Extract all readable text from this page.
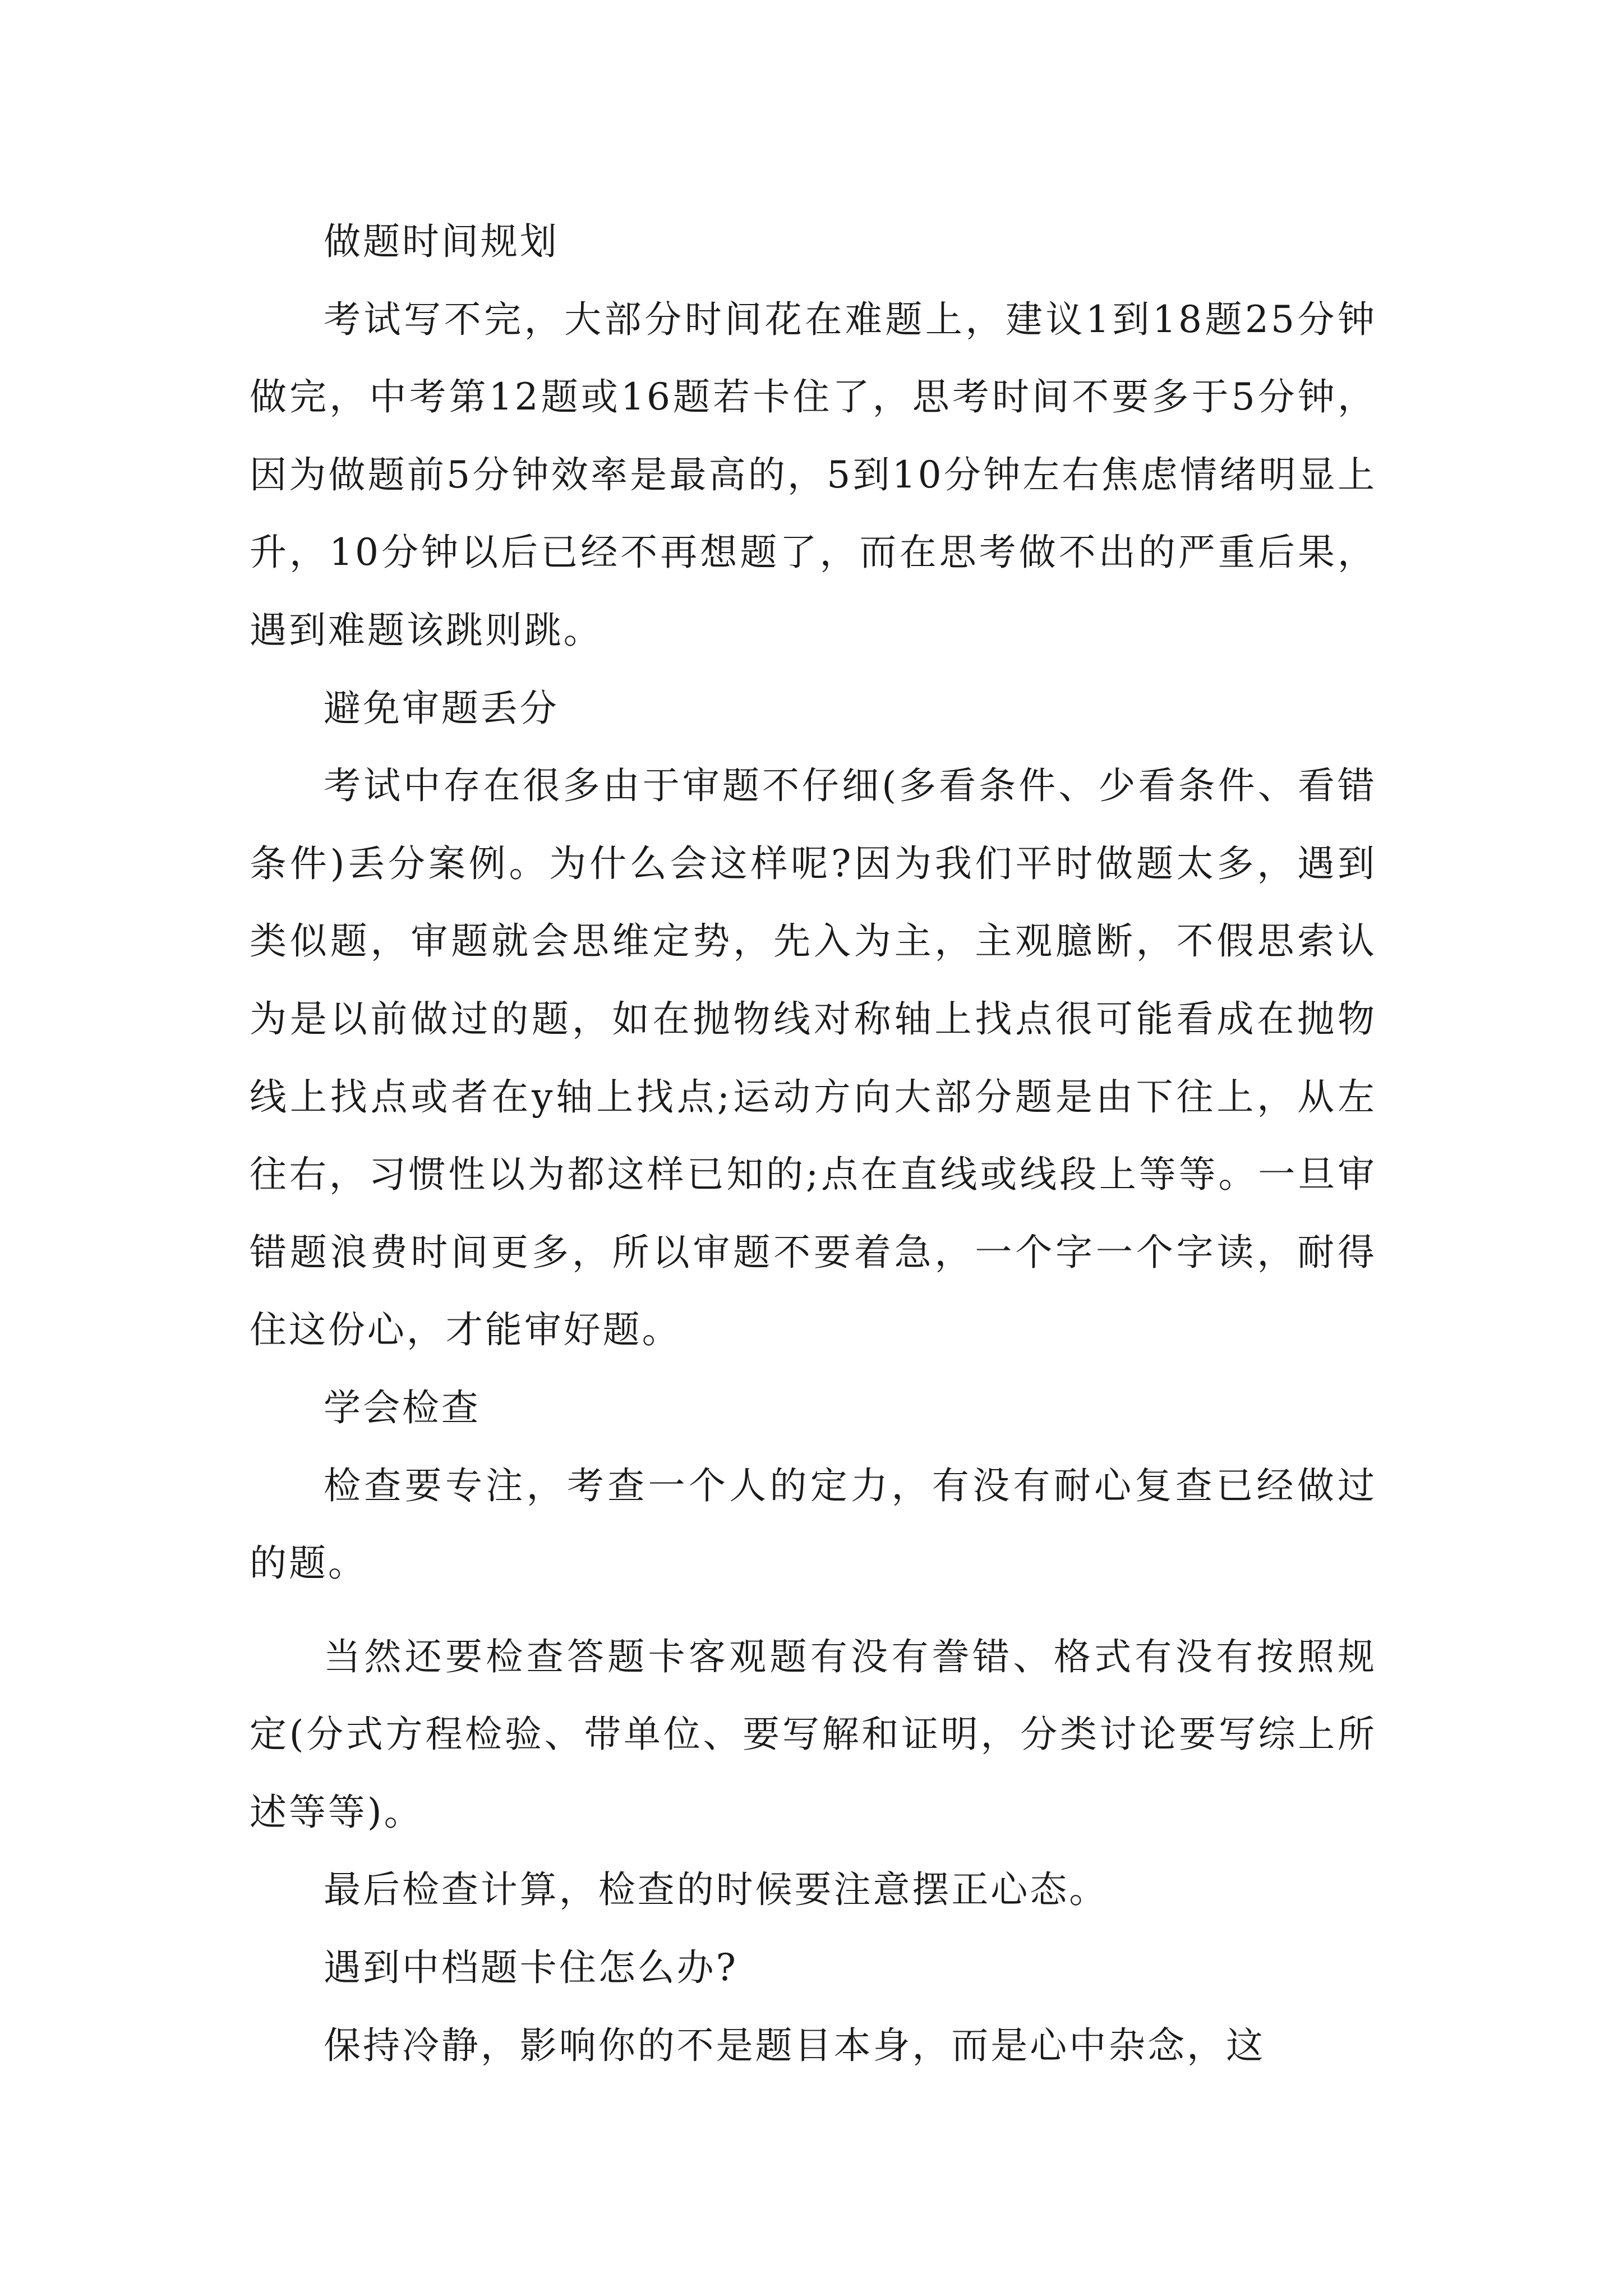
做题时间规划

考试写不完，大部分时间花在难题上，建议1到18题25分钟做完，中考第12题或16题若卡住了，思考时间不要多于5分钟，因为做题前5分钟效率是最高的，5到10分钟左右焦虑情绪明显上升，10分钟以后已经不再想题了，而在思考做不出的严重后果，遇到难题该跳则跳。

避免审题丢分

考试中存在很多由于审题不仔细(多看条件、少看条件、看错条件)丢分案例。为什么会这样呢?因为我们平时做题太多，遇到类似题，审题就会思维定势，先入为主，主观臆断，不假思索认为是以前做过的题，如在抛物线对称轴上找点很可能看成在抛物线上找点或者在y轴上找点;运动方向大部分题是由下往上，从左往右，习惯性以为都这样已知的;点在直线或线段上等等。一旦审错题浪费时间更多，所以审题不要着急，一个字一个字读，耐得住这份心，才能审好题。

学会检查

检查要专注，考查一个人的定力，有没有耐心复查已经做过的题。

当然还要检查答题卡客观题有没有誊错、格式有没有按照规定(分式方程检验、带单位、要写解和证明，分类讨论要写综上所述等等)。

最后检查计算，检查的时候要注意摆正心态。

遇到中档题卡住怎么办?

保持冷静，影响你的不是题目本身，而是心中杂念，这
